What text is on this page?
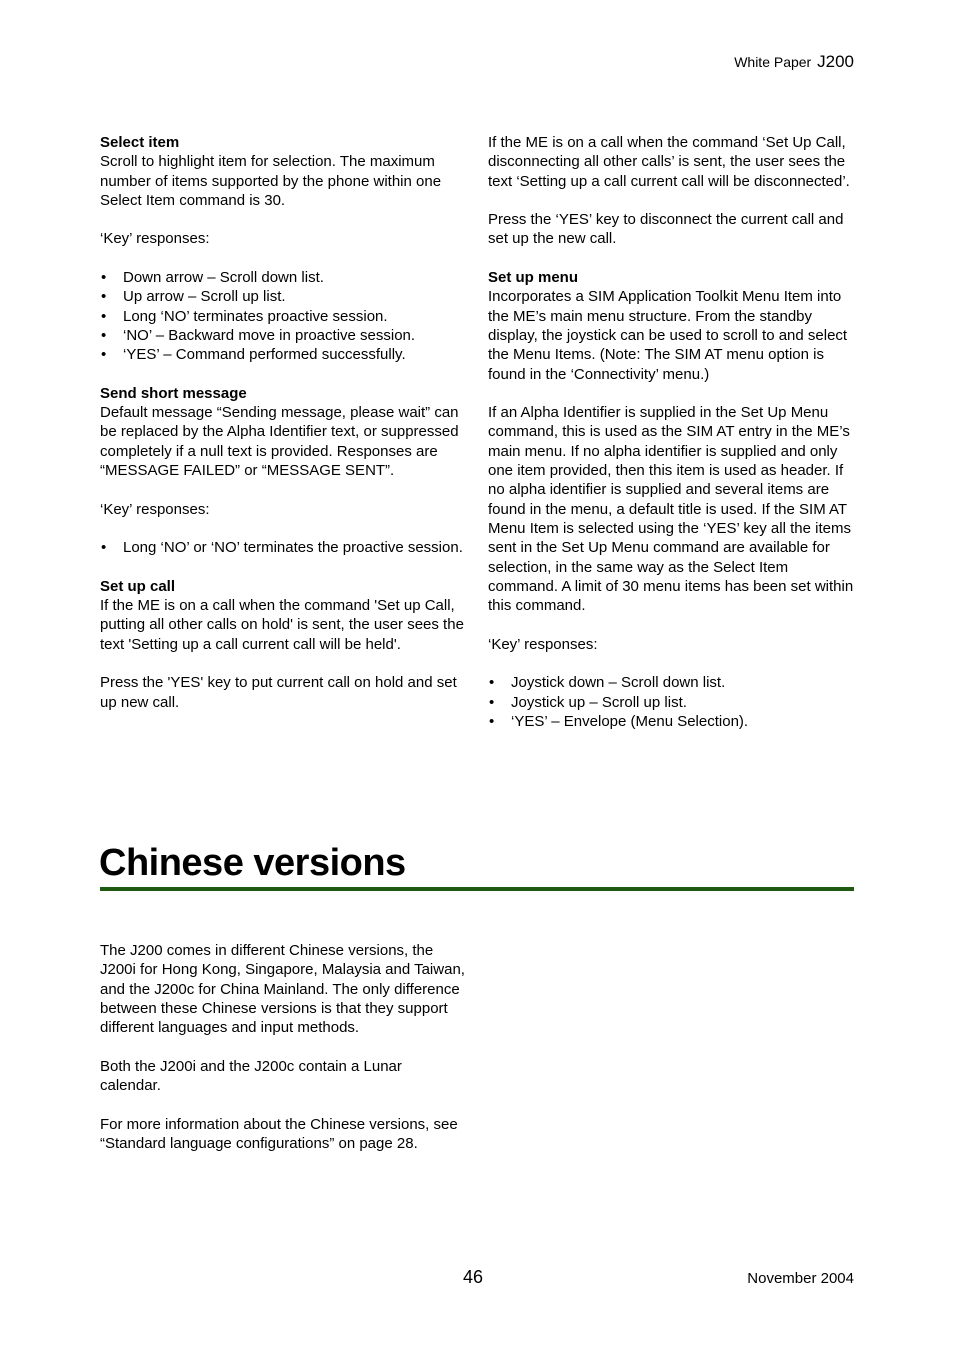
White Paper J200

Select item

Scroll to highlight item for selection. The maximum number of items supported by the phone within one Select Item command is 30.

‘Key’ responses:

• Down arrow – Scroll down list.
• Up arrow – Scroll up list.
• Long ‘NO’ terminates proactive session.
• ‘NO’ – Backward move in proactive session.
• ‘YES’ – Command performed successfully.

Send short message

Default message “Sending message, please wait” can be replaced by the Alpha Identifier text, or suppressed completely if a null text is provided. Responses are “MESSAGE FAILED” or “MESSAGE SENT”.

‘Key’ responses:

• Long ‘NO’ or ‘NO’ terminates the proactive session.

Set up call

If the ME is on a call when the command 'Set up Call, putting all other calls on hold' is sent, the user sees the text 'Setting up a call current call will be held'.

Press the 'YES' key to put current call on hold and set up new call.

If the ME is on a call when the command ‘Set Up Call, disconnecting all other calls’ is sent, the user sees the text ‘Setting up a call current call will be disconnected’.

Press the ‘YES’ key to disconnect the current call and set up the new call.

Set up menu

Incorporates a SIM Application Toolkit Menu Item into the ME’s main menu structure. From the standby display, the joystick can be used to scroll to and select the Menu Items. (Note: The SIM AT menu option is found in the ‘Connectivity’ menu.)

If an Alpha Identifier is supplied in the Set Up Menu command, this is used as the SIM AT entry in the ME’s main menu. If no alpha identifier is supplied and only one item provided, then this item is used as header. If no alpha identifier is supplied and several items are found in the menu, a default title is used. If the SIM AT Menu Item is selected using the ‘YES’ key all the items sent in the Set Up Menu command are available for selection, in the same way as the Select Item command. A limit of 30 menu items has been set within this command.

‘Key’ responses:

• Joystick down – Scroll down list.
• Joystick up – Scroll up list.
• ‘YES’ – Envelope (Menu Selection).
Chinese versions

The J200 comes in different Chinese versions, the J200i for Hong Kong, Singapore, Malaysia and Taiwan, and the J200c for China Mainland. The only difference between these Chinese versions is that they support different languages and input methods.

Both the J200i and the J200c contain a Lunar calendar.

For more information about the Chinese versions, see “Standard language configurations” on page 28.

46	November 2004
